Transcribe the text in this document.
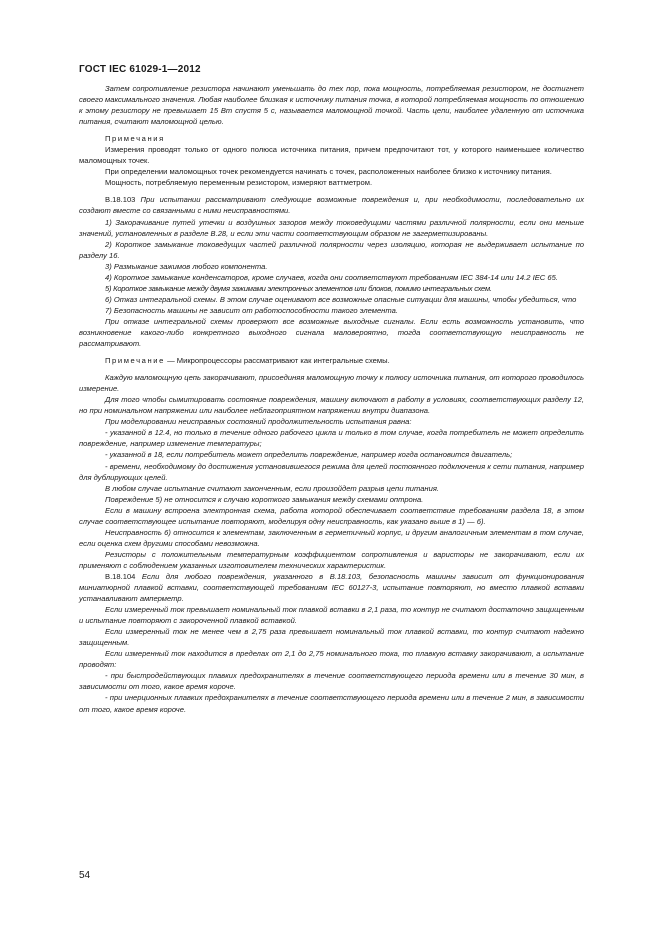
ГОСТ IEC 61029-1—2012

Затем сопротивление резистора начинают уменьшать до тех пор, пока мощность, потребляемая резистором, не достигнет своего максимального значения. Любая наиболее близкая к источнику питания точка, в которой потребляемая мощность по отношению к этому резистору не превышает 15 Вт спустя 5 с, называется маломощной точкой. Часть цепи, наиболее удаленную от источника питания, считают маломощной целью.

Примечания

Измерения проводят только от одного полюса источника питания, причем предпочитают тот, у которого наименьшее количество маломощных точек.

При определении маломощных точек рекомендуется начинать с точек, расположенных наиболее близко к источнику питания.

Мощность, потребляемую переменным резистором, измеряют ваттметром.

В.18.103 При испытании рассматривают следующие возможные повреждения и, при необходимости, последовательно их создают вместе со связанными с ними неисправностями.

1) Закорачивание путей утечки и воздушных зазоров между токоведущими частями различной полярности, если они меньше значений, установленных в разделе В.28, и если эти части соответствующим образом не загерметизированы.

2) Короткое замыкание токоведущих частей различной полярности через изоляцию, которая не выдерживает испытание по разделу 16.

3) Размыкание зажимов любого компонента.

4) Короткое замыкание конденсаторов, кроме случаев, когда они соответствуют требованиям IEC 384-14 или 14.2 IEC 65.

5) Короткое замыкание между двумя зажимами электронных элементов или блоков, помимо интегральных схем.

6) Отказ интегральной схемы. В этом случае оценивают все возможные опасные ситуации для машины, чтобы убедиться, что

7) Безопасность машины не зависит от работоспособности такого элемента.

При отказе интегральной схемы проверяют все возможные выходные сигналы. Если есть возможность установить, что возникновение какого-либо конкретного выходного сигнала маловероятно, тогда соответствующую неисправность не рассматривают.

Примечание — Микропроцессоры рассматривают как интегральные схемы.

Каждую маломощную цепь закорачивают, присоединяя маломощную точку к полюсу источника питания, от которого проводилось измерение.

Для того чтобы сымитировать состояние повреждения, машину включают в работу в условиях, соответствующих разделу 12, но при номинальном напряжении или наиболее неблагоприятном напряжении внутри диапазона.

При моделировании неисправных состояний продолжительность испытания равна:

- указанной в 12.4, но только в течение одного рабочего цикла и только в том случае, когда потребитель не может определить повреждение, например изменение температуры;

- указанной в 18, если потребитель может определить повреждение, например когда остановится двигатель;

- времени, необходимому до достижения установившегося режима для целей постоянного подключения к сети питания, например для дублирующих целей.

В любом случае испытание считают законченным, если произойдет разрыв цепи питания.

Повреждение 5) не относится к случаю короткого замыкания между схемами оптрона.

Если в машину встроена электронная схема, работа которой обеспечивает соответствие требованиям раздела 18, в этом случае соответствующее испытание повторяют, моделируя одну неисправность, как указано выше в 1) — 6).

Неисправность 6) относится к элементам, заключенным в герметичный корпус, и другим аналогичным элементам в том случае, если оценка схем другими способами невозможна.

Резисторы с положительным температурным коэффициентом сопротивления и варисторы не закорачивают, если их применяют с соблюдением указанных изготовителем технических характеристик.

В.18.104 Если для любого повреждения, указанного в В.18.103, безопасность машины зависит от функционирования миниатюрной плавкой вставки, соответствующей требованиям IEC 60127-3, испытание повторяют, но вместо плавкой вставки устанавливают амперметр.

Если измеренный ток превышает номинальный ток плавкой вставки в 2,1 раза, то контур не считают достаточно защищенным и испытание повторяют с закороченной плавкой вставкой.

Если измеренный ток не менее чем в 2,75 раза превышает номинальный ток плавкой вставки, то контур считают надежно защищенным.

Если измеренный ток находится в пределах от 2,1 до 2,75 номинального тока, то плавкую вставку закорачивают, а испытание проводят:

- при быстродействующих плавких предохранителях в течение соответствующего периода времени или в течение 30 мин, в зависимости от того, какое время короче.

- при инерционных плавких предохранителях в течение соответствующего периода времени или в течение 2 мин, в зависимости от того, какое время короче.

54
